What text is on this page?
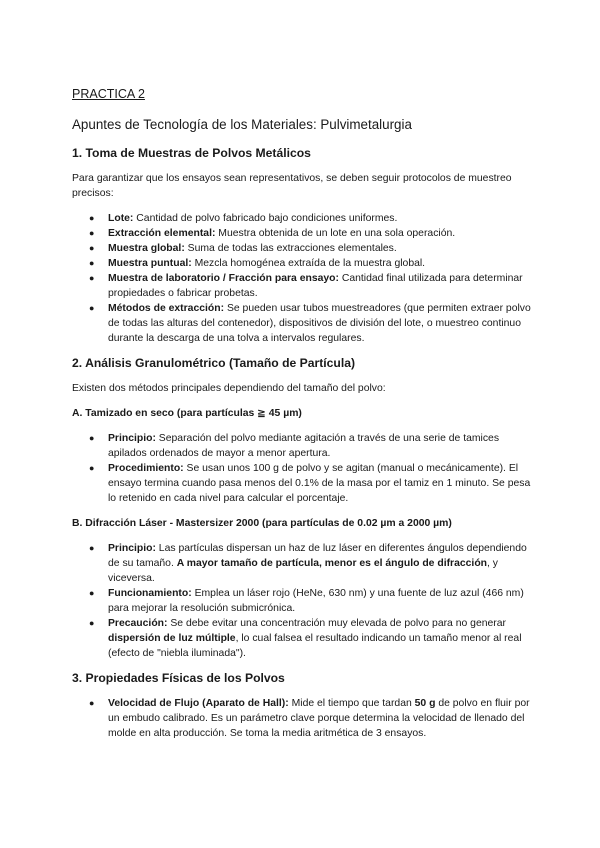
PRACTICA 2
Apuntes de Tecnología de los Materiales: Pulvimetalurgia
1. Toma de Muestras de Polvos Metálicos

Para garantizar que los ensayos sean representativos, se deben seguir protocolos de muestreo precisos:

● Lote: Cantidad de polvo fabricado bajo condiciones uniformes.
● Extracción elemental: Muestra obtenida de un lote en una sola operación.
● Muestra global: Suma de todas las extracciones elementales.
● Muestra puntual: Mezcla homogénea extraída de la muestra global.
● Muestra de laboratorio / Fracción para ensayo: Cantidad final utilizada para determinar propiedades o fabricar probetas.
● Métodos de extracción: Se pueden usar tubos muestreadores (que permiten extraer polvo de todas las alturas del contenedor), dispositivos de división del lote, o muestreo continuo durante la descarga de una tolva a intervalos regulares.
2. Análisis Granulométrico (Tamaño de Partícula)

Existen dos métodos principales dependiendo del tamaño del polvo:

A. Tamizado en seco (para partículas ≧ 45 µm)
● Principio: Separación del polvo mediante agitación a través de una serie de tamices apilados ordenados de mayor a menor apertura.
● Procedimiento: Se usan unos 100 g de polvo y se agitan (manual o mecánicamente). El ensayo termina cuando pasa menos del 0.1% de la masa por el tamiz en 1 minuto. Se pesa lo retenido en cada nivel para calcular el porcentaje.
B. Difracción Láser - Mastersizer 2000 (para partículas de 0.02 µm a 2000 µm)
● Principio: Las partículas dispersan un haz de luz láser en diferentes ángulos dependiendo de su tamaño. A mayor tamaño de partícula, menor es el ángulo de difracción, y viceversa.
● Funcionamiento: Emplea un láser rojo (HeNe, 630 nm) y una fuente de luz azul (466 nm) para mejorar la resolución submicrónica.
● Precaución: Se debe evitar una concentración muy elevada de polvo para no generar dispersión de luz múltiple, lo cual falsea el resultado indicando un tamaño menor al real (efecto de "niebla iluminada").
3. Propiedades Físicas de los Polvos
● Velocidad de Flujo (Aparato de Hall): Mide el tiempo que tardan 50 g de polvo en fluir por un embudo calibrado. Es un parámetro clave porque determina la velocidad de llenado del molde en alta producción. Se toma la media aritmética de 3 ensayos.
